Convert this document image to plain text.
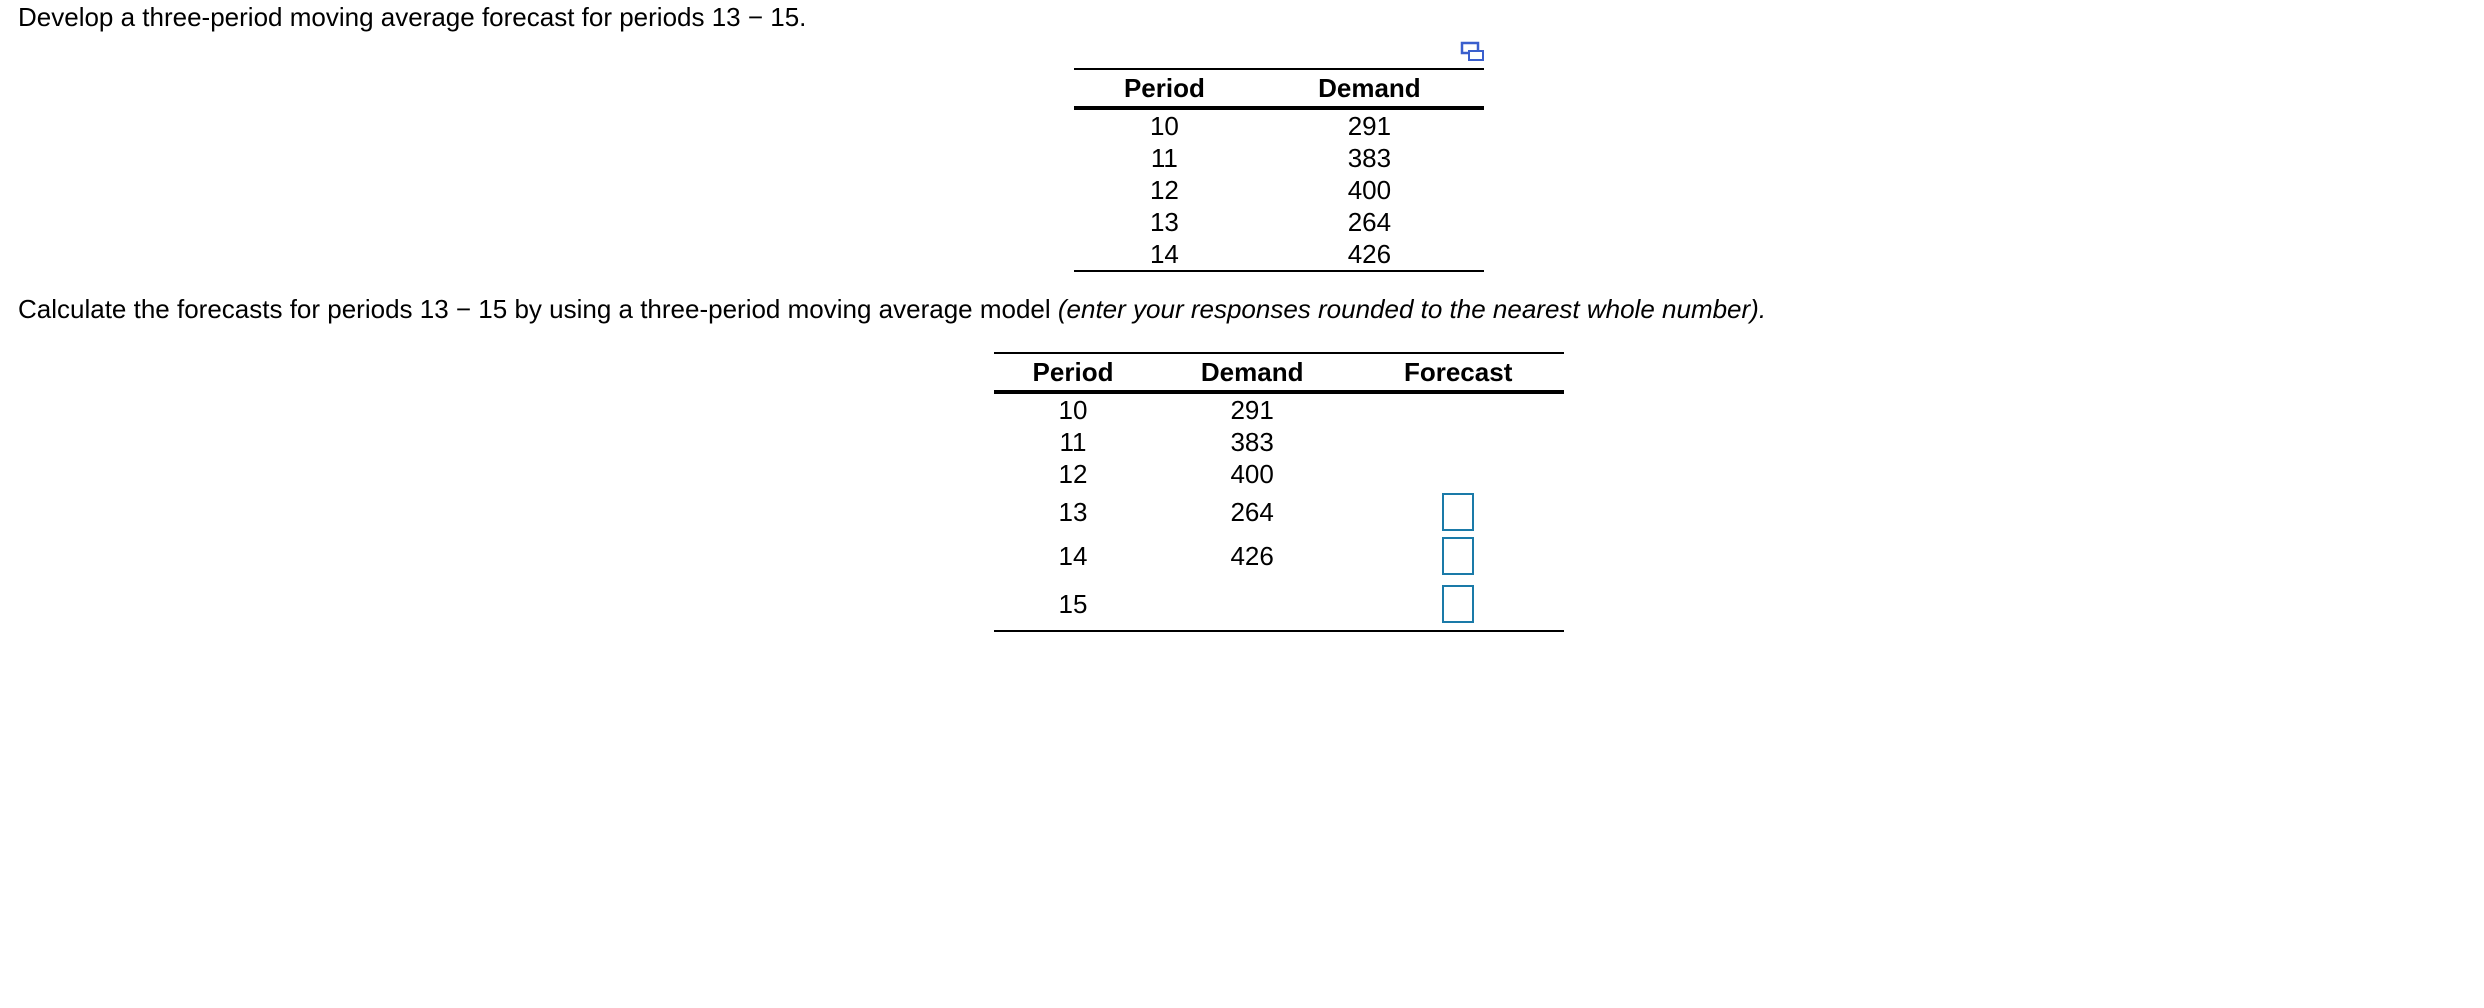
Develop a three-period moving average forecast for periods 13 − 15.

Period	Demand
10	291
11	383
12	400
13	264
14	426

Calculate the forecasts for periods 13 − 15 by using a three-period moving average model (enter your responses rounded to the nearest whole number).

Period	Demand	Forecast
10	291	
11	383	
12	400	
13	264	
14	426	
15		
